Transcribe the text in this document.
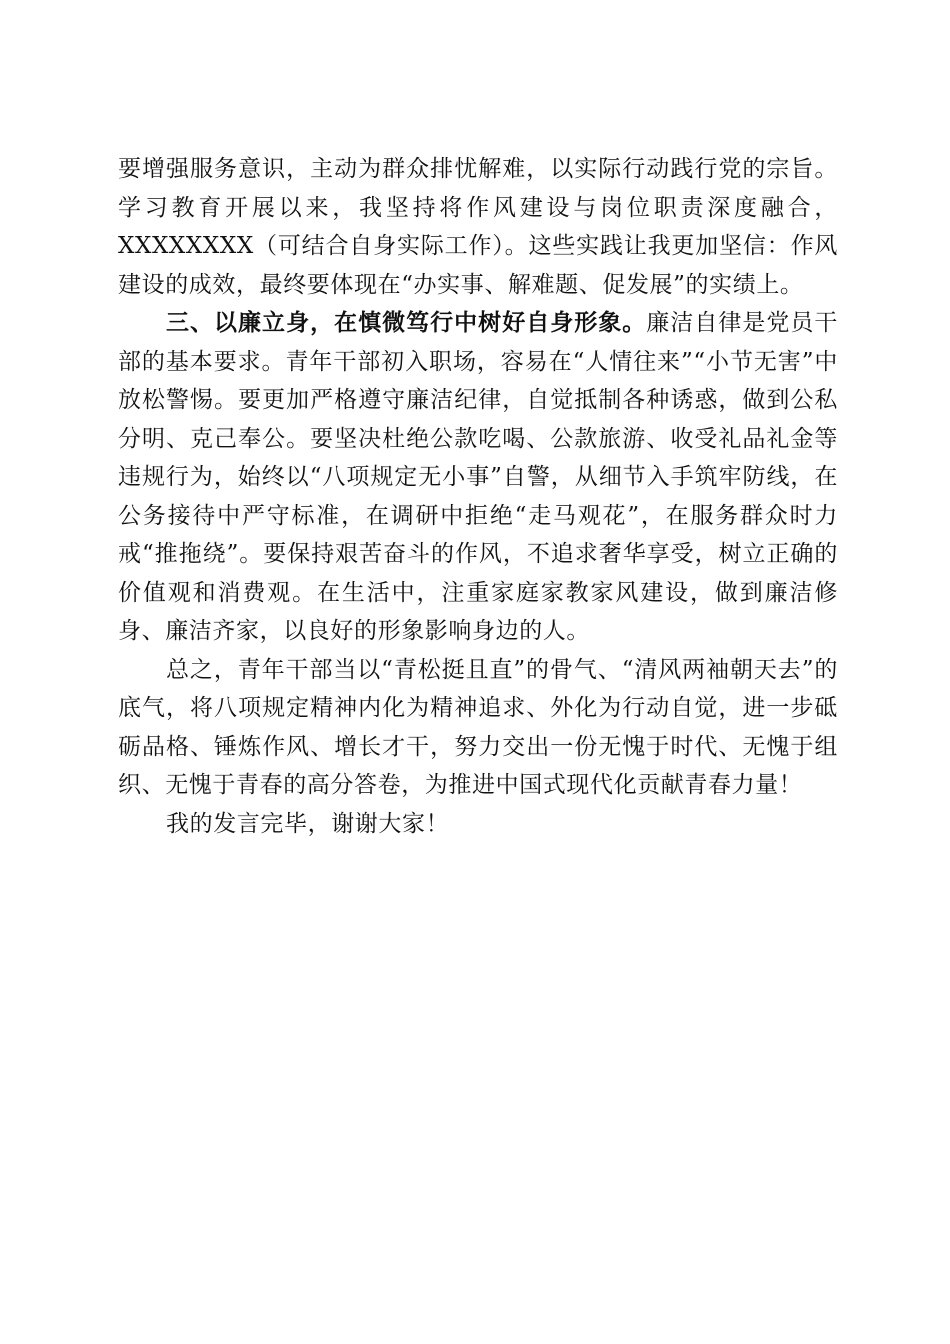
要增强服务意识，主动为群众排忧解难，以实际行动践行党的宗旨。学习教育开展以来，我坚持将作风建设与岗位职责深度融合，XXXXXXXX（可结合自身实际工作）。这些实践让我更加坚信：作风建设的成效，最终要体现在“办实事、解难题、促发展”的实绩上。

三、以廉立身，在慎微笃行中树好自身形象。廉洁自律是党员干部的基本要求。青年干部初入职场，容易在“人情往来”“小节无害”中放松警惕。要更加严格遵守廉洁纪律，自觉抵制各种诱惑，做到公私分明、克己奉公。要坚决杜绝公款吃喝、公款旅游、收受礼品礼金等违规行为，始终以“八项规定无小事”自警，从细节入手筑牢防线，在公务接待中严守标准，在调研中拒绝“走马观花”，在服务群众时力戒“推拖绕”。要保持艰苦奋斗的作风，不追求奢华享受，树立正确的价值观和消费观。在生活中，注重家庭家教家风建设，做到廉洁修身、廉洁齐家，以良好的形象影响身边的人。

总之，青年干部当以“青松挺且直”的骨气、“清风两袖朝天去”的底气，将八项规定精神内化为精神追求、外化为行动自觉，进一步砥砺品格、锤炼作风、增长才干，努力交出一份无愧于时代、无愧于组织、无愧于青春的高分答卷，为推进中国式现代化贡献青春力量！

我的发言完毕，谢谢大家！
